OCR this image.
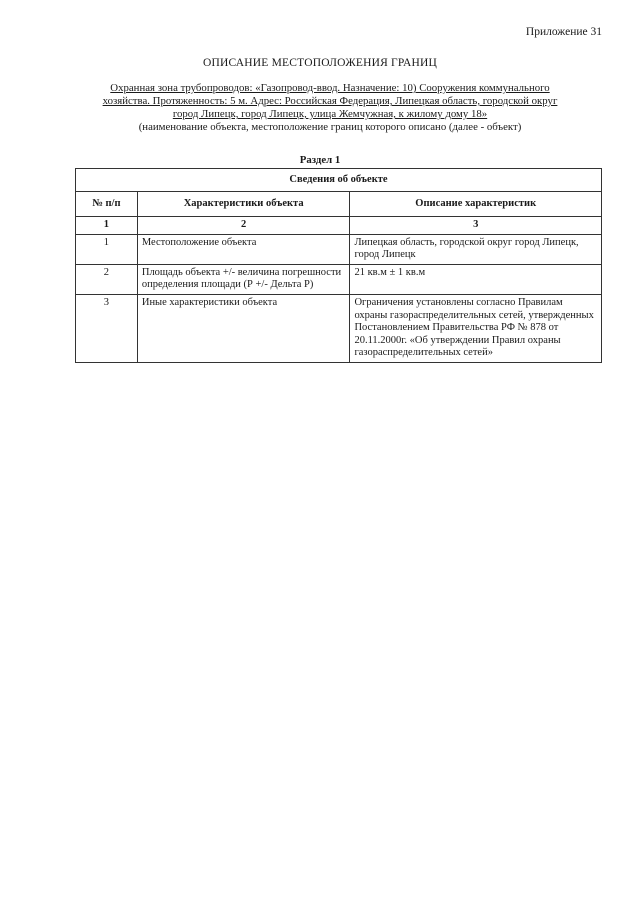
Приложение 31
ОПИСАНИЕ МЕСТОПОЛОЖЕНИЯ ГРАНИЦ
Охранная зона трубопроводов: «Газопровод-ввод. Назначение: 10) Сооружения коммунального
хозяйства. Протяженность: 5 м. Адрес: Российская Федерация, Липецкая область, городской округ
город Липецк, город Липецк, улица Жемчужная, к жилому дому 18»
(наименование объекта, местоположение границ которого описано (далее - объект)
Раздел 1
Сведения об объекте		
№ п/п	Характеристики объекта	Описание характеристик
1	2	3
1	Местоположение объекта	Липецкая область, городской округ город Липецк, город Липецк
2	Площадь объекта +/- величина погрешности определения площади (Р +/- Дельта Р)	21 кв.м ± 1 кв.м
3	Иные характеристики объекта	Ограничения установлены согласно Правилам охраны газораспределительных сетей, утвержденных Постановлением Правительства РФ № 878 от 20.11.2000г. «Об утверждении Правил охраны газораспределительных сетей»
